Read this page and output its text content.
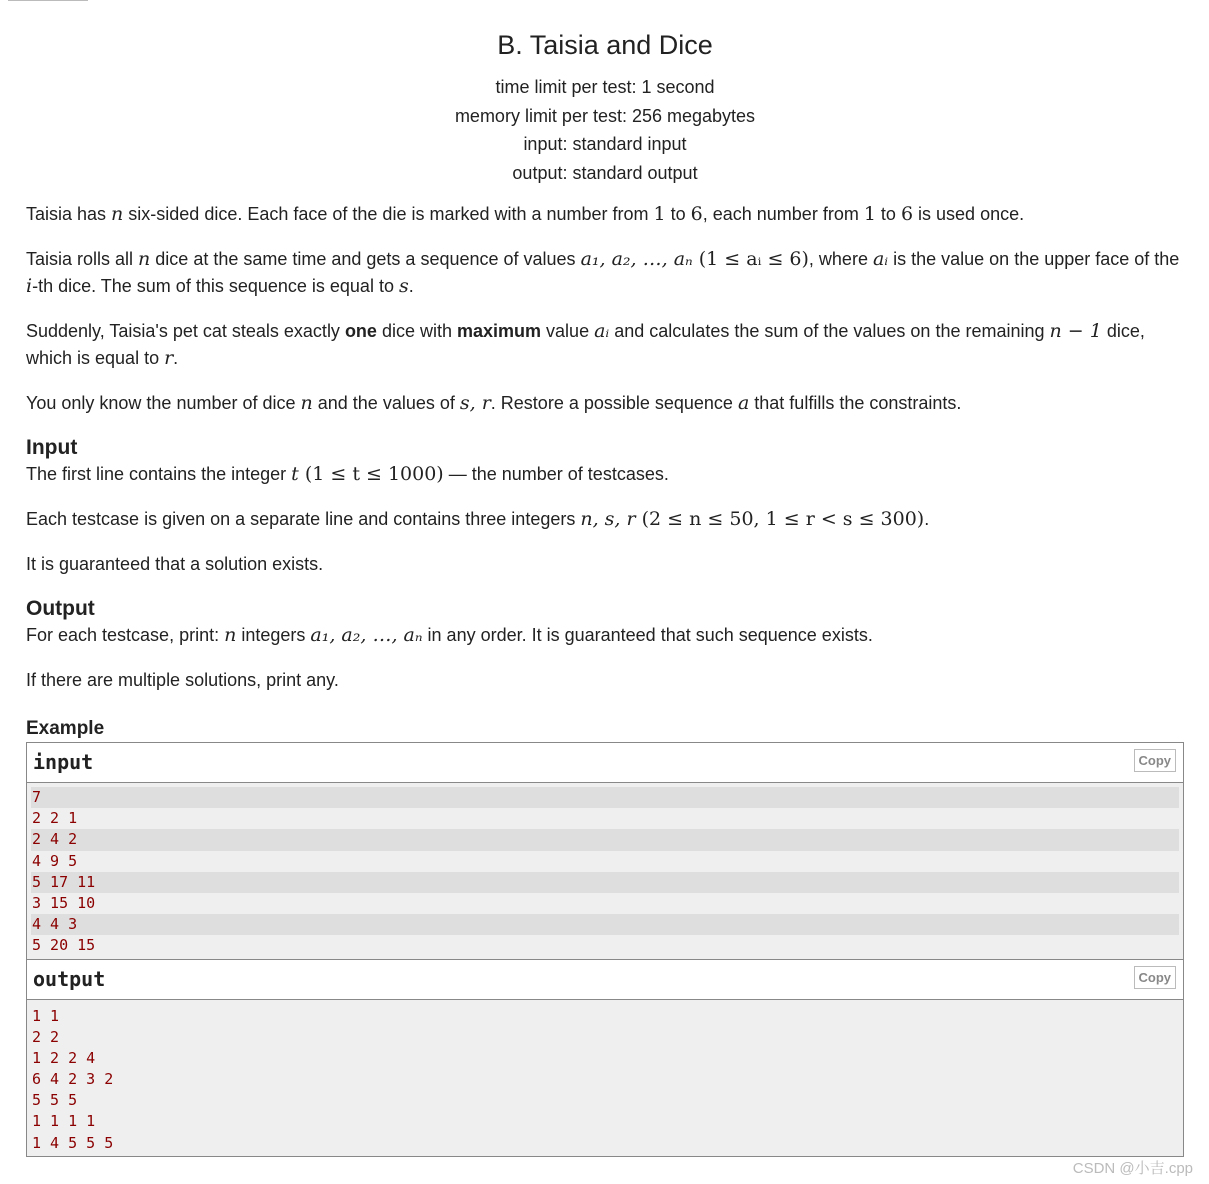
B. Taisia and Dice
time limit per test: 1 second
memory limit per test: 256 megabytes
input: standard input
output: standard output

Taisia has n six-sided dice. Each face of the die is marked with a number from 1 to 6, each number from 1 to 6 is used once.

Taisia rolls all n dice at the same time and gets a sequence of values a₁, a₂, …, aₙ (1 ≤ aᵢ ≤ 6), where aᵢ is the value on the upper face of the i-th dice. The sum of this sequence is equal to s.

Suddenly, Taisia's pet cat steals exactly one dice with maximum value aᵢ and calculates the sum of the values on the remaining n − 1 dice, which is equal to r.

You only know the number of dice n and the values of s, r. Restore a possible sequence a that fulfills the constraints.

Input

The first line contains the integer t (1 ≤ t ≤ 1000) — the number of testcases.

Each testcase is given on a separate line and contains three integers n, s, r (2 ≤ n ≤ 50, 1 ≤ r < s ≤ 300).

It is guaranteed that a solution exists.

Output

For each testcase, print: n integers a₁, a₂, …, aₙ in any order. It is guaranteed that such sequence exists.

If there are multiple solutions, print any.

Example
input	Copy
7
2 2 1
2 4 2
4 9 5
5 17 11
3 15 10
4 4 3
5 20 15
output	Copy
1 1
2 2
1 2 2 4
6 4 2 3 2
5 5 5
1 1 1 1
1 4 5 5 5
CSDN @小吉.cpp
